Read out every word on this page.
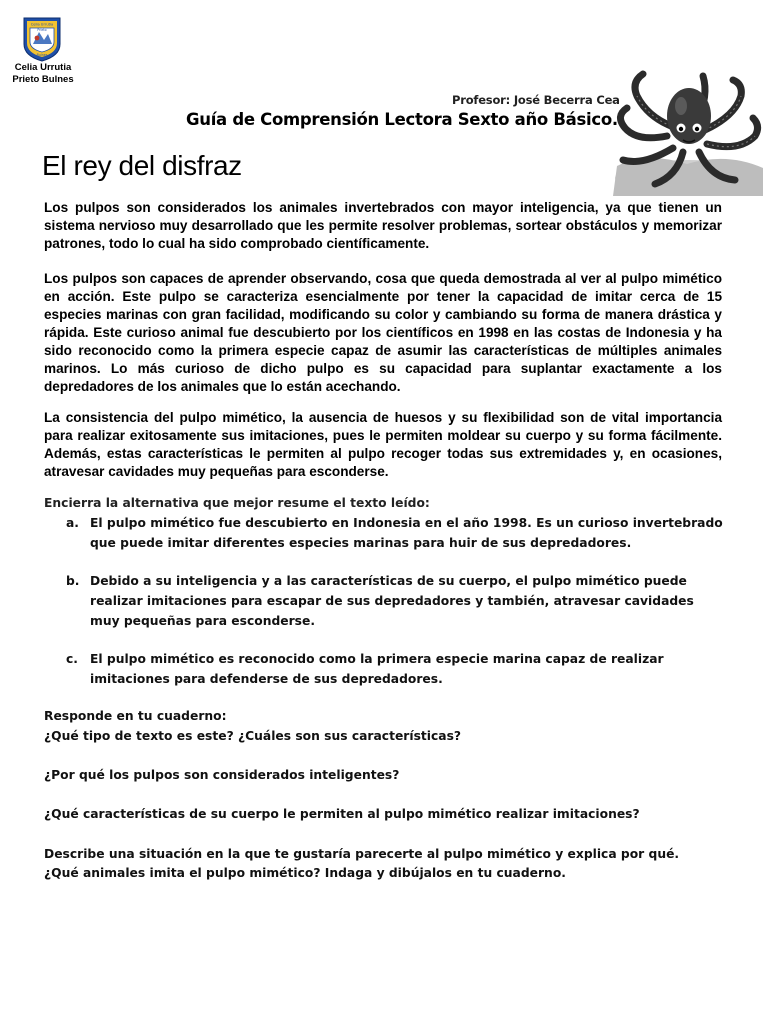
Celia Urrutia
Prieto
Bulnes
Celia Urrutia Prieto Bulnes
Profesor: José Becerra Cea
Guía de Comprensión Lectora Sexto año Básico.
El rey del disfraz

Los pulpos son considerados los animales invertebrados con mayor inteligencia, ya que tienen un sistema nervioso muy desarrollado que les permite resolver problemas, sortear obstáculos y memorizar patrones, todo lo cual ha sido comprobado científicamente.

Los pulpos son capaces de aprender observando, cosa que queda demostrada al ver al pulpo mimético en acción. Este pulpo se caracteriza esencialmente por tener la capacidad de imitar cerca de 15 especies marinas con gran facilidad, modificando su color y cambiando su forma de manera drástica y rápida. Este curioso animal fue descubierto por los científicos en 1998 en las costas de Indonesia y ha sido reconocido como la primera especie capaz de asumir las características de múltiples animales marinos. Lo más curioso de dicho pulpo es su capacidad para suplantar exactamente a los depredadores de los animales que lo están acechando.

La consistencia del pulpo mimético, la ausencia de huesos y su flexibilidad son de vital importancia para realizar exitosamente sus imitaciones, pues le permiten moldear su cuerpo y su forma fácilmente. Además, estas características le permiten al pulpo recoger todas sus extremidades y, en ocasiones, atravesar cavidades muy pequeñas para esconderse.

Encierra la alternativa que mejor resume el texto leído:
a. El pulpo mimético fue descubierto en Indonesia en el año 1998. Es un curioso invertebrado que puede imitar diferentes especies marinas para huir de sus depredadores.
b. Debido a su inteligencia y a las características de su cuerpo, el pulpo mimético puede realizar imitaciones para escapar de sus depredadores y también, atravesar cavidades muy pequeñas para esconderse.
c. El pulpo mimético es reconocido como la primera especie marina capaz de realizar imitaciones para defenderse de sus depredadores.
Responde en tu cuaderno:
¿Qué tipo de texto es este? ¿Cuáles son sus características?
¿Por qué los pulpos son considerados inteligentes?
¿Qué características de su cuerpo le permiten al pulpo mimético realizar imitaciones?
Describe una situación en la que te gustaría parecerte al pulpo mimético y explica por qué.
¿Qué animales imita el pulpo mimético? Indaga y dibújalos en tu cuaderno.
